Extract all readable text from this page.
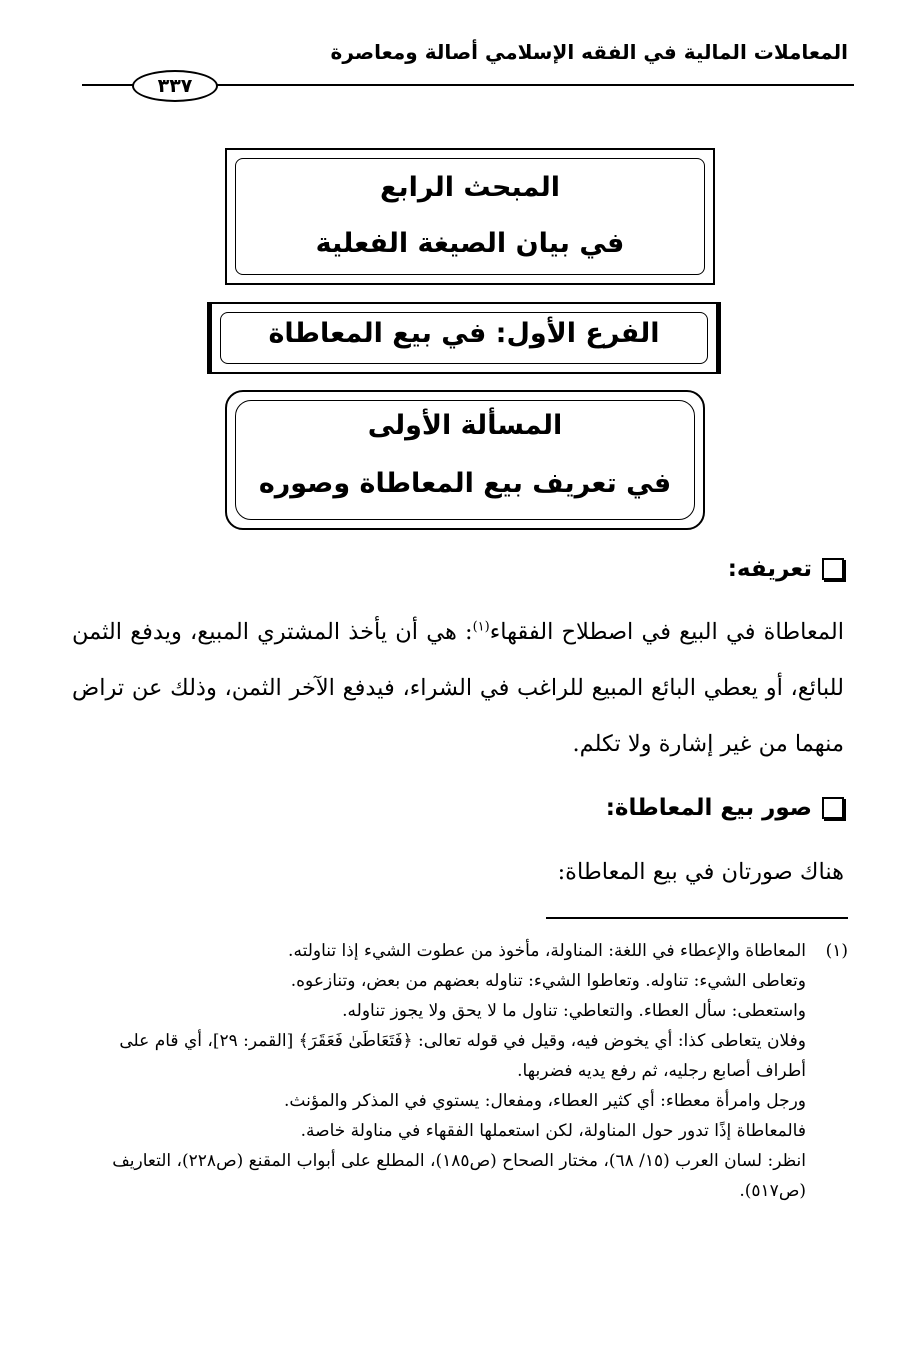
المعاملات المالية في الفقه الإسلامي أصالة ومعاصرة
٣٣٧
المبحث الرابع
في بيان الصيغة الفعلية
الفرع الأول: في بيع المعاطاة
المسألة الأولى
في تعريف بيع المعاطاة وصوره
تعريفه:

المعاطاة في البيع في اصطلاح الفقهاء$^{(١)}$: هي أن يأخذ المشتري المبيع، ويدفع الثمن للبائع، أو يعطي البائع المبيع للراغب في الشراء، فيدفع الآخر الثمن، وذلك عن تراض منهما من غير إشارة ولا تكلم.

صور بيع المعاطاة:

هناك صورتان في بيع المعاطاة:

(١)

المعاطاة والإعطاء في اللغة: المناولة، مأخوذ من عطوت الشيء إذا تناولته.

وتعاطى الشيء: تناوله. وتعاطوا الشيء: تناوله بعضهم من بعض، وتنازعوه.

واستعطى: سأل العطاء. والتعاطي: تناول ما لا يحق ولا يجوز تناوله.

وفلان يتعاطى كذا: أي يخوض فيه، وقيل في قوله تعالى: ﴿فَتَعَاطَىٰ فَعَقَرَ﴾ [القمر: ٢٩]، أي قام على أطراف أصابع رجليه، ثم رفع يديه فضربها.

ورجل وامرأة معطاء: أي كثير العطاء، ومفعال: يستوي في المذكر والمؤنث.

فالمعاطاة إذًا تدور حول المناولة، لكن استعملها الفقهاء في مناولة خاصة.

انظر: لسان العرب (١٥/ ٦٨)، مختار الصحاح (ص١٨٥)، المطلع على أبواب المقنع (ص٢٢٨)، التعاريف (ص٥١٧).
